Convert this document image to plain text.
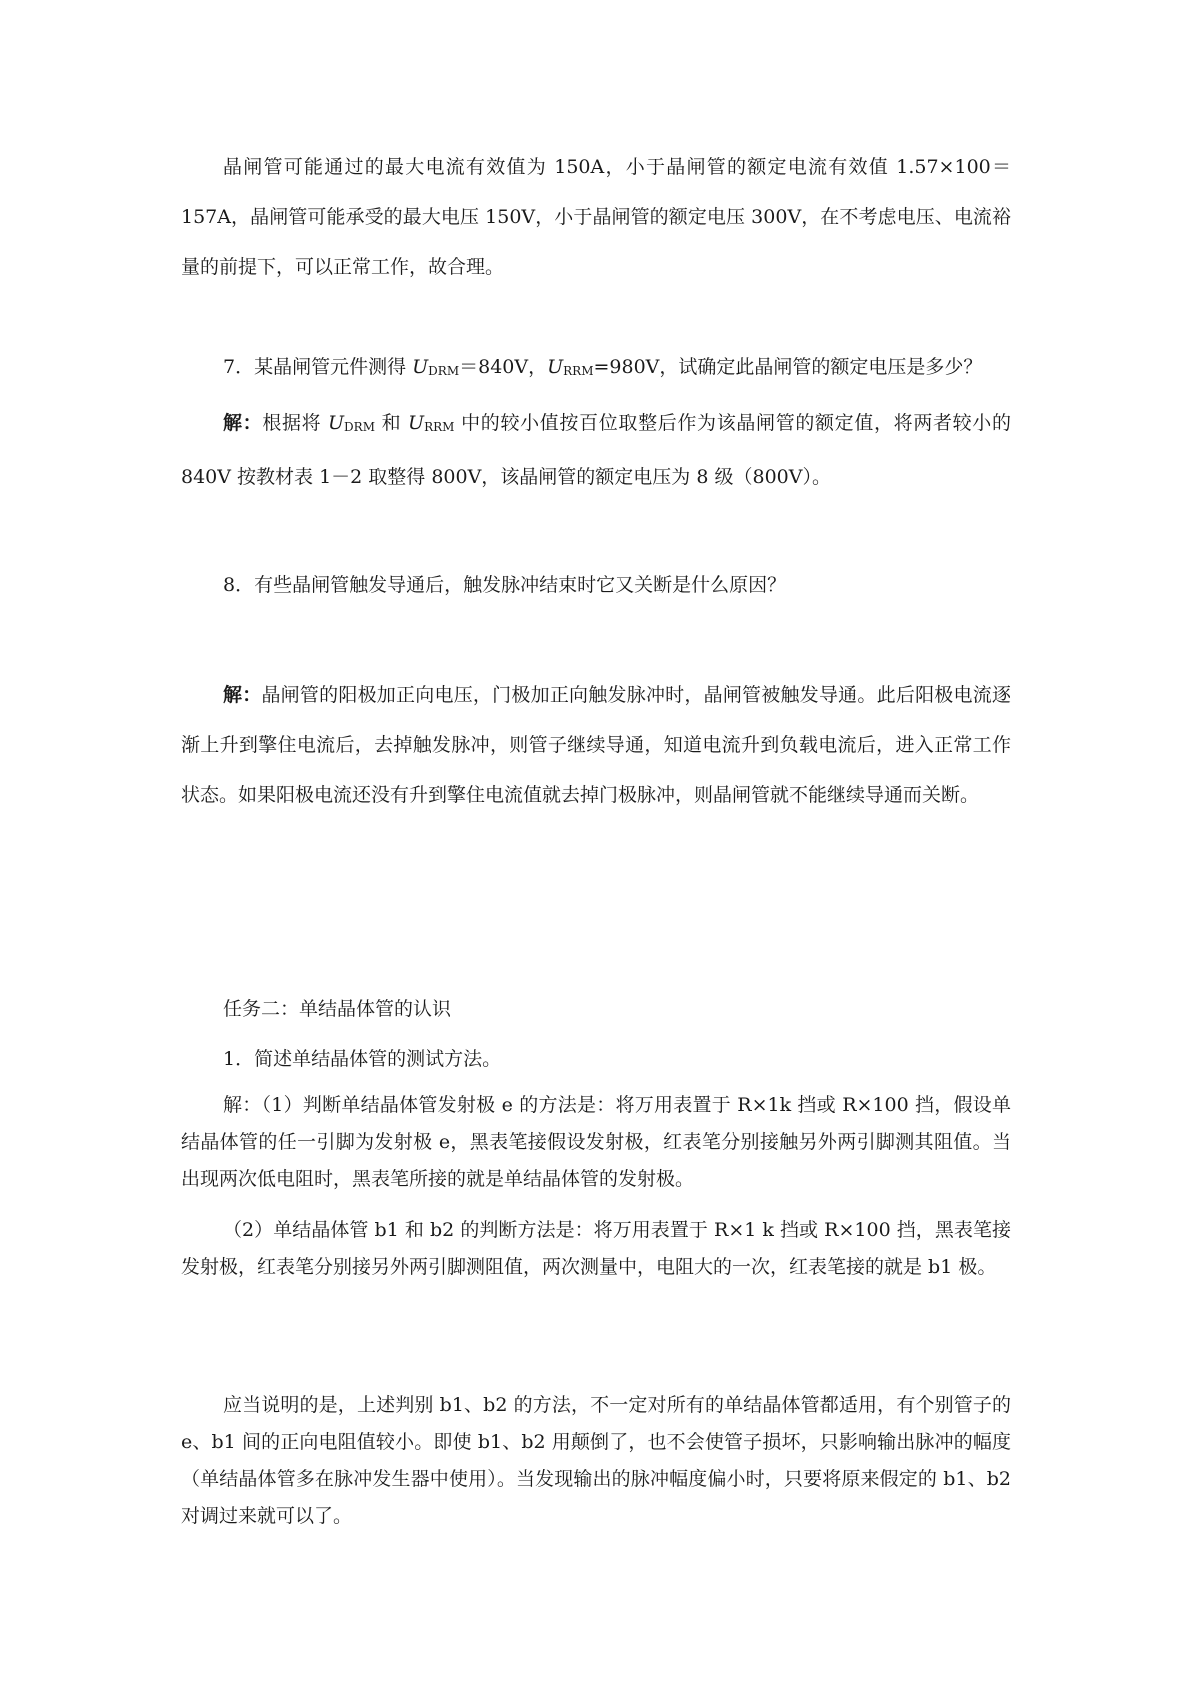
晶闸管可能通过的最大电流有效值为 150A，小于晶闸管的额定电流有效值 1.57×100＝157A，晶闸管可能承受的最大电压 150V，小于晶闸管的额定电压 300V，在不考虑电压、电流裕量的前提下，可以正常工作，故合理。

7．某晶闸管元件测得 $U_{DRM}=840V$，$U_{RRM}=980V$，试确定此晶闸管的额定电压是多少？

解：根据将 $U_{DRM}$ 和 $U_{RRM}$ 中的较小值按百位取整后作为该晶闸管的额定值，将两者较小的 840V 按教材表 1－2 取整得 800V，该晶闸管的额定电压为 8 级（800V）。

8．有些晶闸管触发导通后，触发脉冲结束时它又关断是什么原因？

解：晶闸管的阳极加正向电压，门极加正向触发脉冲时，晶闸管被触发导通。此后阳极电流逐渐上升到擎住电流后，去掉触发脉冲，则管子继续导通，知道电流升到负载电流后，进入正常工作状态。如果阳极电流还没有升到擎住电流值就去掉门极脉冲，则晶闸管就不能继续导通而关断。

任务二：单结晶体管的认识

1．简述单结晶体管的测试方法。

解：（1）判断单结晶体管发射极 e 的方法是：将万用表置于 R×1k 挡或 R×100 挡，假设单结晶体管的任一引脚为发射极 e，黑表笔接假设发射极，红表笔分别接触另外两引脚测其阻值。当出现两次低电阻时，黑表笔所接的就是单结晶体管的发射极。

（2）单结晶体管 b1 和 b2 的判断方法是：将万用表置于 R×1 k 挡或 R×100 挡，黑表笔接发射极，红表笔分别接另外两引脚测阻值，两次测量中，电阻大的一次，红表笔接的就是 b1 极。

应当说明的是，上述判别 b1、b2 的方法，不一定对所有的单结晶体管都适用，有个别管子的 e、b1 间的正向电阻值较小。即使 b1、b2 用颠倒了，也不会使管子损坏，只影响输出脉冲的幅度（单结晶体管多在脉冲发生器中使用）。当发现输出的脉冲幅度偏小时，只要将原来假定的 b1、b2 对调过来就可以了。
